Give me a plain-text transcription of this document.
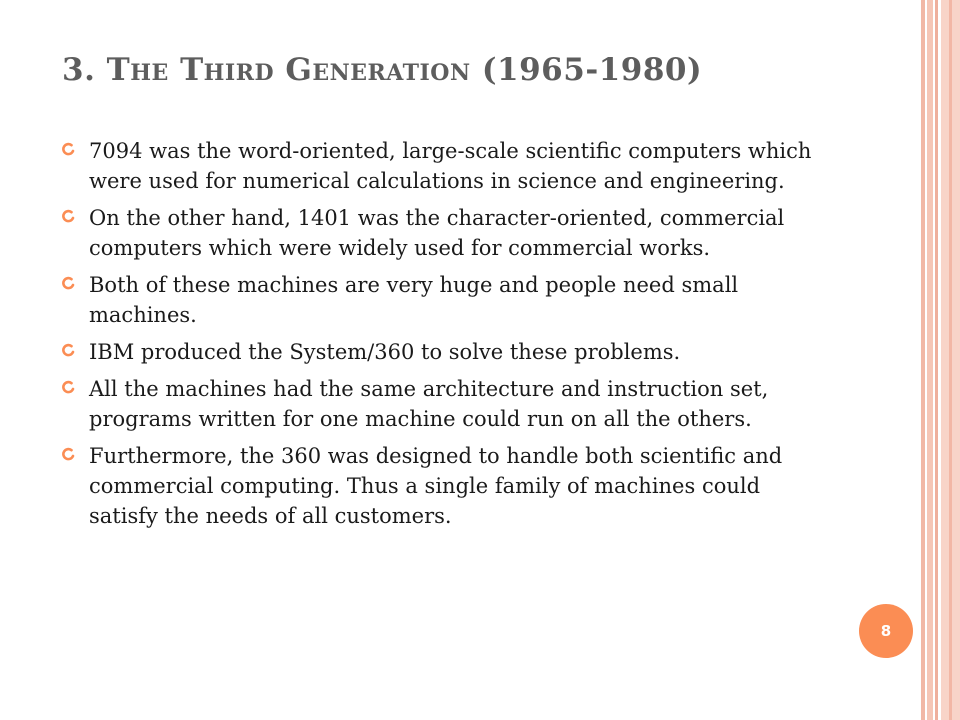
3. The Third Generation (1965-1980)
7094 was the word-oriented, large-scale scientific computers which were used for numerical calculations in science and engineering.
On the other hand, 1401 was the character-oriented, commercial computers which were widely used for commercial works.
Both of these machines are very huge and people need small machines.
IBM produced the System/360 to solve these problems.
All the machines had the same architecture and instruction set, programs written for one machine could run on all the others.
Furthermore, the 360 was designed to handle both scientific and commercial computing. Thus a single family of machines could satisfy the needs of all customers.
8
